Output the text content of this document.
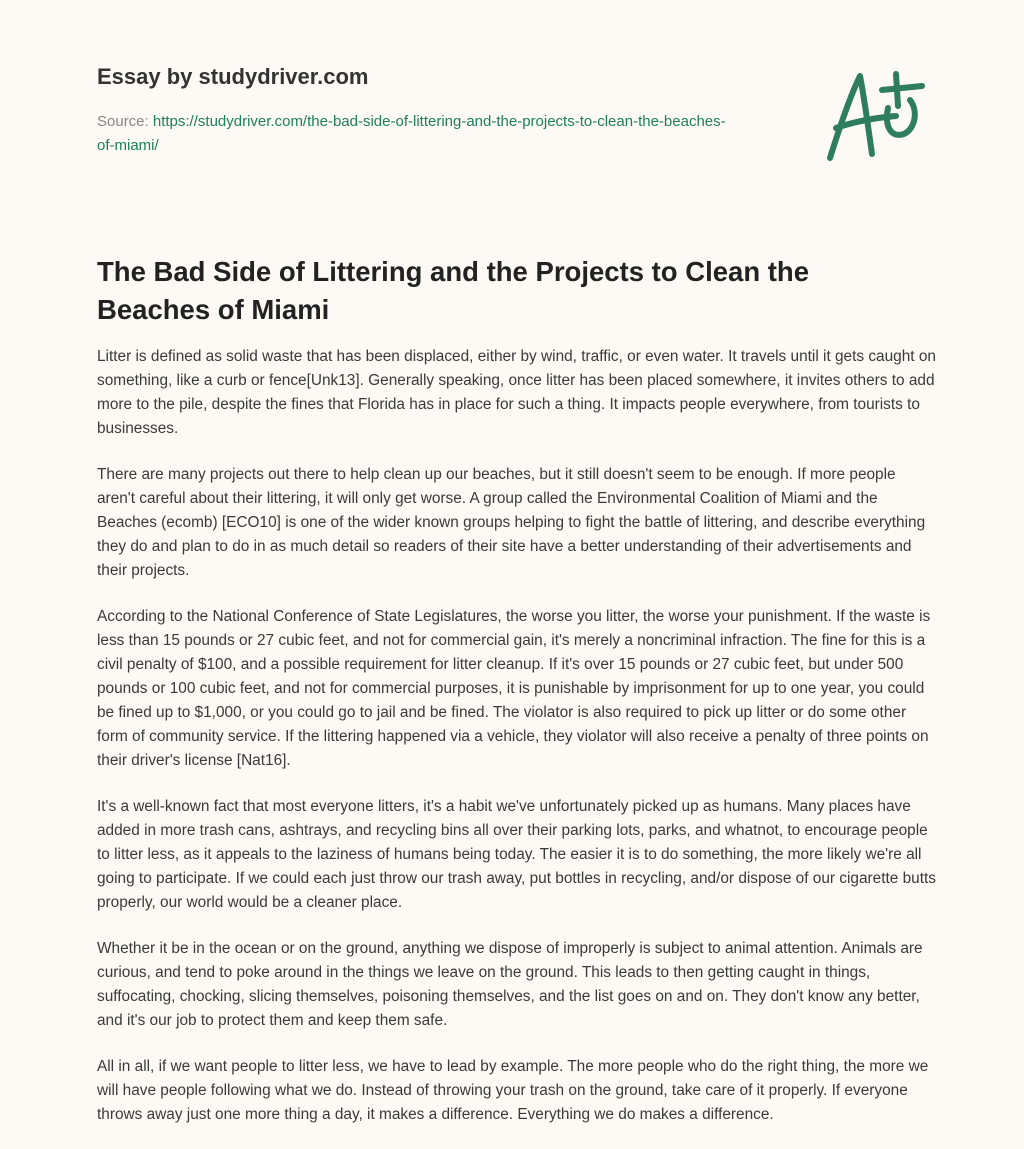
Essay by studydriver.com
Source: https://studydriver.com/the-bad-side-of-littering-and-the-projects-to-clean-the-beaches-of-miami/
The Bad Side of Littering and the Projects to Clean the Beaches of Miami

Litter is defined as solid waste that has been displaced, either by wind, traffic, or even water. It travels until it gets caught on something, like a curb or fence[Unk13]. Generally speaking, once litter has been placed somewhere, it invites others to add more to the pile, despite the fines that Florida has in place for such a thing. It impacts people everywhere, from tourists to businesses.

There are many projects out there to help clean up our beaches, but it still doesn't seem to be enough. If more people aren't careful about their littering, it will only get worse. A group called the Environmental Coalition of Miami and the Beaches (ecomb) [ECO10] is one of the wider known groups helping to fight the battle of littering, and describe everything they do and plan to do in as much detail so readers of their site have a better understanding of their advertisements and their projects.

According to the National Conference of State Legislatures, the worse you litter, the worse your punishment. If the waste is less than 15 pounds or 27 cubic feet, and not for commercial gain, it's merely a noncriminal infraction. The fine for this is a civil penalty of $100, and a possible requirement for litter cleanup. If it's over 15 pounds or 27 cubic feet, but under 500 pounds or 100 cubic feet, and not for commercial purposes, it is punishable by imprisonment for up to one year, you could be fined up to $1,000, or you could go to jail and be fined. The violator is also required to pick up litter or do some other form of community service. If the littering happened via a vehicle, they violator will also receive a penalty of three points on their driver's license [Nat16].

It's a well-known fact that most everyone litters, it's a habit we've unfortunately picked up as humans. Many places have added in more trash cans, ashtrays, and recycling bins all over their parking lots, parks, and whatnot, to encourage people to litter less, as it appeals to the laziness of humans being today. The easier it is to do something, the more likely we're all going to participate. If we could each just throw our trash away, put bottles in recycling, and/or dispose of our cigarette butts properly, our world would be a cleaner place.

Whether it be in the ocean or on the ground, anything we dispose of improperly is subject to animal attention. Animals are curious, and tend to poke around in the things we leave on the ground. This leads to then getting caught in things, suffocating, chocking, slicing themselves, poisoning themselves, and the list goes on and on. They don't know any better, and it's our job to protect them and keep them safe.

All in all, if we want people to litter less, we have to lead by example. The more people who do the right thing, the more we will have people following what we do. Instead of throwing your trash on the ground, take care of it properly. If everyone throws away just one more thing a day, it makes a difference. Everything we do makes a difference.
